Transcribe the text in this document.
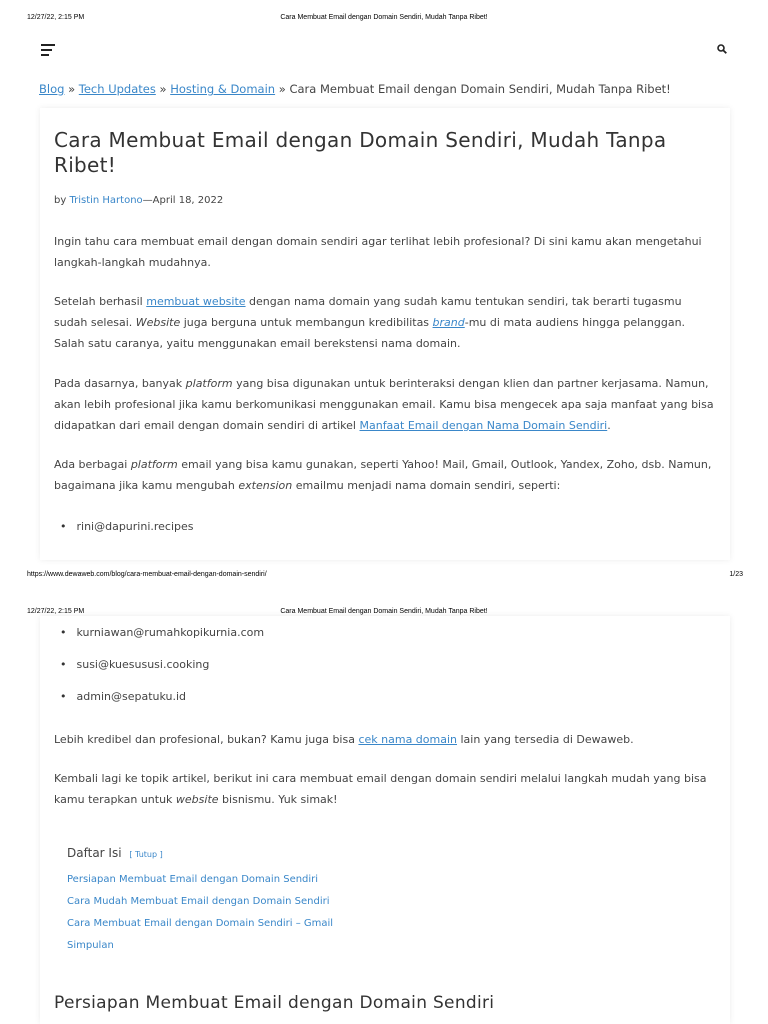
12/27/22, 2:15 PM	Cara Membuat Email dengan Domain Sendiri, Mudah Tanpa Ribet!
Blog » Tech Updates » Hosting & Domain » Cara Membuat Email dengan Domain Sendiri, Mudah Tanpa Ribet!
Cara Membuat Email dengan Domain Sendiri, Mudah Tanpa Ribet!
by Tristin Hartono—April 18, 2022

Ingin tahu cara membuat email dengan domain sendiri agar terlihat lebih profesional? Di sini kamu akan mengetahui langkah-langkah mudahnya.

Setelah berhasil membuat website dengan nama domain yang sudah kamu tentukan sendiri, tak berarti tugasmu sudah selesai. Website juga berguna untuk membangun kredibilitas brand-mu di mata audiens hingga pelanggan. Salah satu caranya, yaitu menggunakan email berekstensi nama domain.

Pada dasarnya, banyak platform yang bisa digunakan untuk berinteraksi dengan klien dan partner kerjasama. Namun, akan lebih profesional jika kamu berkomunikasi menggunakan email. Kamu bisa mengecek apa saja manfaat yang bisa didapatkan dari email dengan domain sendiri di artikel Manfaat Email dengan Nama Domain Sendiri.

Ada berbagai platform email yang bisa kamu gunakan, seperti Yahoo! Mail, Gmail, Outlook, Yandex, Zoho, dsb. Namun, bagaimana jika kamu mengubah extension emailmu menjadi nama domain sendiri, seperti:

• rini@dapurini.recipes
https://www.dewaweb.com/blog/cara-membuat-email-dengan-domain-sendiri/	1/23
12/27/22, 2:15 PM	Cara Membuat Email dengan Domain Sendiri, Mudah Tanpa Ribet!
• kurniawan@rumahkopikurnia.com
• susi@kuesususi.cooking
• admin@sepatuku.id

Lebih kredibel dan profesional, bukan? Kamu juga bisa cek nama domain lain yang tersedia di Dewaweb.

Kembali lagi ke topik artikel, berikut ini cara membuat email dengan domain sendiri melalui langkah mudah yang bisa kamu terapkan untuk website bisnismu. Yuk simak!

Daftar Isi [ Tutup ]
Persiapan Membuat Email dengan Domain Sendiri
Cara Mudah Membuat Email dengan Domain Sendiri
Cara Membuat Email dengan Domain Sendiri – Gmail
Simpulan
Persiapan Membuat Email dengan Domain Sendiri
